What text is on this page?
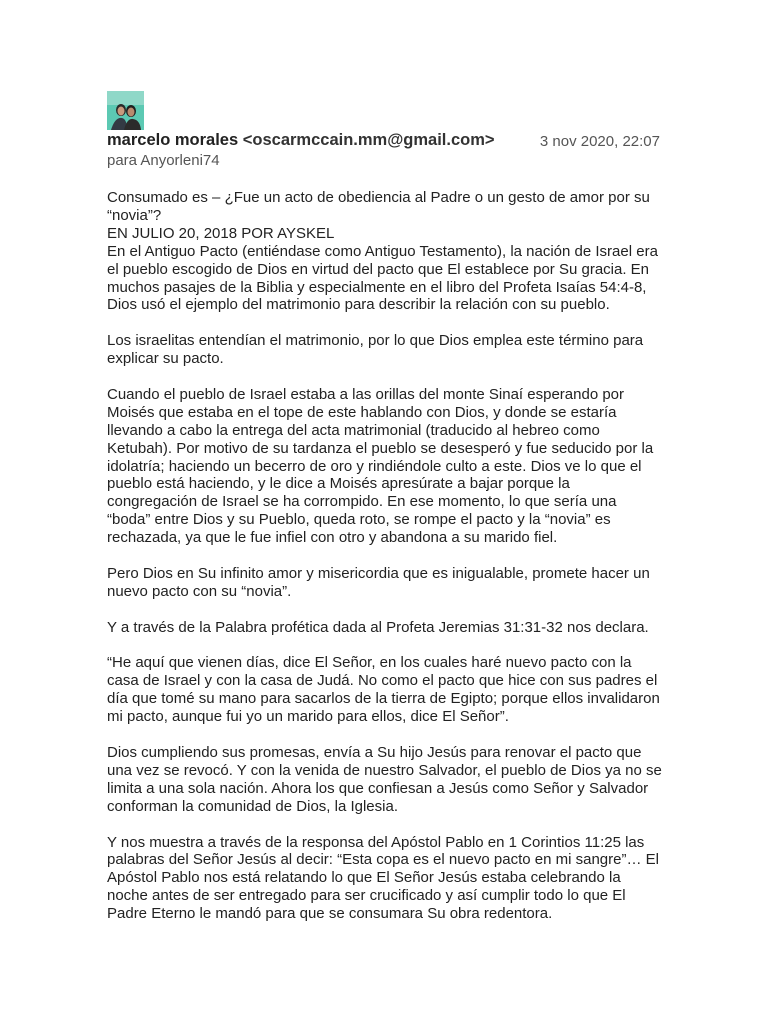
marcelo morales <oscarmccain.mm@gmail.com>	3 nov 2020, 22:07
para Anyorleni74

Consumado es – ¿Fue un acto de obediencia al Padre o un gesto de amor por su “novia”?

EN JULIO 20, 2018 POR AYSKEL

En el Antiguo Pacto (entiéndase como Antiguo Testamento), la nación de Israel era el pueblo escogido de Dios en virtud del pacto que El establece por Su gracia. En muchos pasajes de la Biblia y especialmente en el libro del Profeta Isaías 54:4-8, Dios usó el ejemplo del matrimonio para describir la relación con su pueblo.

Los israelitas entendían el matrimonio, por lo que Dios emplea este término para explicar su pacto.

Cuando el pueblo de Israel estaba a las orillas del monte Sinaí esperando por Moisés que estaba en el tope de este hablando con Dios, y donde se estaría llevando a cabo la entrega del acta matrimonial (traducido al hebreo como Ketubah). Por motivo de su tardanza el pueblo se desesperó y fue seducido por la idolatría; haciendo un becerro de oro y rindiéndole culto a este. Dios ve lo que el pueblo está haciendo, y le dice a Moisés apresúrate a bajar porque la congregación de Israel se ha corrompido. En ese momento, lo que sería una “boda” entre Dios y su Pueblo, queda roto, se rompe el pacto y la “novia” es rechazada, ya que le fue infiel con otro y abandona a su marido fiel.

Pero Dios en Su infinito amor y misericordia que es inigualable, promete hacer un nuevo pacto con su “novia”.

Y a través de la Palabra profética dada al Profeta Jeremias 31:31-32 nos declara.

“He aquí que vienen días, dice El Señor, en los cuales haré nuevo pacto con la casa de Israel y con la casa de Judá. No como el pacto que hice con sus padres el día que tomé su mano para sacarlos de la tierra de Egipto; porque ellos invalidaron mi pacto, aunque fui yo un marido para ellos, dice El Señor”.

Dios cumpliendo sus promesas, envía a Su hijo Jesús para renovar el pacto que una vez se revocó. Y con la venida de nuestro Salvador, el pueblo de Dios ya no se limita a una sola nación. Ahora los que confiesan a Jesús como Señor y Salvador conforman la comunidad de Dios, la Iglesia.

Y nos muestra a través de la responsa del Apóstol Pablo en 1 Corintios 11:25 las palabras del Señor Jesús al decir: “Esta copa es el nuevo pacto en mi sangre”… El Apóstol Pablo nos está relatando lo que El Señor Jesús estaba celebrando la noche antes de ser entregado para ser crucificado y así cumplir todo lo que El Padre Eterno le mandó para que se consumara Su obra redentora.
